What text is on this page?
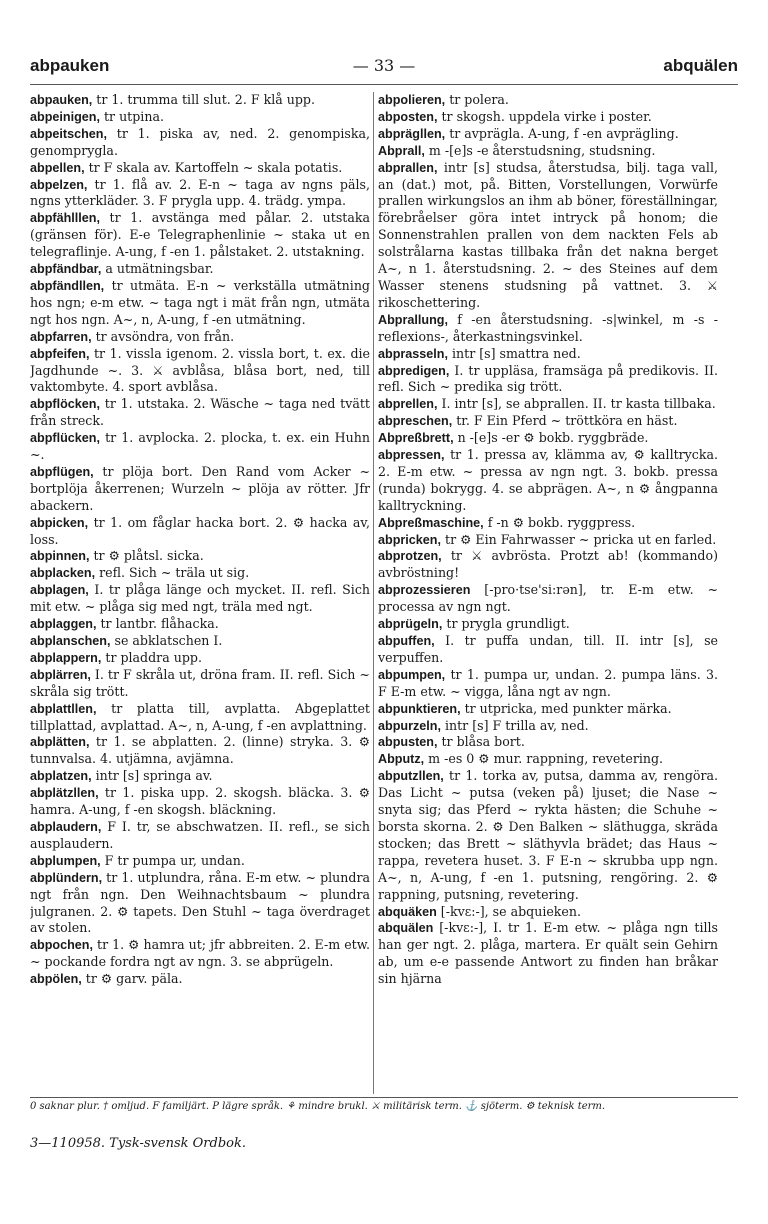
abpauken	— 33 —	abquälen

abpauken, tr 1. trumma till slut. 2. F klå upp.

abpeinigen, tr utpina.

abpeitschen, tr 1. piska av, ned. 2. genompiska, genomprygla.

abpellen, tr F skala av. Kartoffeln ~ skala potatis.

abpelzen, tr 1. flå av. 2. E-n ~ taga av ngns päls, ngns ytterkläder. 3. F prygla upp. 4. trädg. ympa.

abpfählllen, tr 1. avstänga med pålar. 2. utstaka (gränsen för). E-e Telegraphenlinie ~ staka ut en telegraflinje. A-ung, f -en 1. pålstaket. 2. utstakning.

abpfändbar, a utmätningsbar.

abpfändllen, tr utmäta. E-n ~ verkställa utmätning hos ngn; e-m etw. ~ taga ngt i mät från ngn, utmäta ngt hos ngn. A~, n, A-ung, f -en utmätning.

abpfarren, tr avsöndra, von från.

abpfeifen, tr 1. vissla igenom. 2. vissla bort, t. ex. die Jagdhunde ~. 3. ⚔ avblåsa, blåsa bort, ned, till vaktombyte. 4. sport avblåsa.

abpflöcken, tr 1. utstaka. 2. Wäsche ~ taga ned tvätt från streck.

abpflücken, tr 1. avplocka. 2. plocka, t. ex. ein Huhn ~.

abpflügen, tr plöja bort. Den Rand vom Acker ~ bortplöja åkerrenen; Wurzeln ~ plöja av rötter. Jfr abackern.

abpicken, tr 1. om fåglar hacka bort. 2. ⚙ hacka av, loss.

abpinnen, tr ⚙ plåtsl. sicka.

abplacken, refl. Sich ~ träla ut sig.

abplagen, I. tr plåga länge och mycket. II. refl. Sich mit etw. ~ plåga sig med ngt, träla med ngt.

abplaggen, tr lantbr. flåhacka.

abplanschen, se abklatschen I.

abplappern, tr pladdra upp.

abplärren, I. tr F skråla ut, dröna fram. II. refl. Sich ~ skråla sig trött.

abplattllen, tr platta till, avplatta. Abgeplattet tillplattad, avplattad. A~, n, A-ung, f -en avplattning.

abplätten, tr 1. se abplatten. 2. (linne) stryka. 3. ⚙ tunnvalsa. 4. utjämna, avjämna.

abplatzen, intr [s] springa av.

abplätzllen, tr 1. piska upp. 2. skogsh. bläcka. 3. ⚙ hamra. A-ung, f -en skogsh. bläckning.

abplaudern, F I. tr, se abschwatzen. II. refl., se sich ausplaudern.

abplumpen, F tr pumpa ur, undan.

abplündern, tr 1. utplundra, råna. E-m etw. ~ plundra ngt från ngn. Den Weihnachtsbaum ~ plundra julgranen. 2. ⚙ tapets. Den Stuhl ~ taga överdraget av stolen.

abpochen, tr 1. ⚙ hamra ut; jfr abbreiten. 2. E-m etw. ~ pockande fordra ngt av ngn. 3. se abprügeln.

abpölen, tr ⚙ garv. päla.

abpolieren, tr polera.

abposten, tr skogsh. uppdela virke i poster.

abprägllen, tr avprägla. A-ung, f -en avprägling.

Abprall, m -[e]s -e återstudsning, studsning.

abprallen, intr [s] studsa, återstudsa, bilj. taga vall, an (dat.) mot, på. Bitten, Vorstellungen, Vorwürfe prallen wirkungslos an ihm ab böner, föreställningar, förebråelser göra intet intryck på honom; die Sonnenstrahlen prallen von dem nackten Fels ab solstrålarna kastas tillbaka från det nakna berget A~, n 1. återstudsning. 2. ~ des Steines auf dem Wasser stenens studsning på vattnet. 3. ⚔ rikoschettering.

Abprallung, f -en återstudsning. -s|winkel, m -s - reflexions-, återkastningsvinkel.

abprasseln, intr [s] smattra ned.

abpredigen, I. tr uppläsa, framsäga på predikovis. II. refl. Sich ~ predika sig trött.

abprellen, I. intr [s], se abprallen. II. tr kasta tillbaka.

abpreschen, tr. F Ein Pferd ~ tröttköra en häst.

Abpreßbrett, n -[e]s -er ⚙ bokb. ryggbräde.

abpressen, tr 1. pressa av, klämma av, ⚙ kalltrycka. 2. E-m etw. ~ pressa av ngn ngt. 3. bokb. pressa (runda) bokrygg. 4. se abprägen. A~, n ⚙ ångpanna kalltryckning.

Abpreßmaschine, f -n ⚙ bokb. ryggpress.

abpricken, tr ⚙ Ein Fahrwasser ~ pricka ut en farled.

abprotzen, tr ⚔ avbrösta. Protzt ab! (kommando) avbröstning!

abprozessieren [-pro·tse'si:rən], tr. E-m etw. ~ processa av ngn ngt.

abprügeln, tr prygla grundligt.

abpuffen, I. tr puffa undan, till. II. intr [s], se verpuffen.

abpumpen, tr 1. pumpa ur, undan. 2. pumpa läns. 3. F E-m etw. ~ vigga, låna ngt av ngn.

abpunktieren, tr utpricka, med punkter märka.

abpurzeln, intr [s] F trilla av, ned.

abpusten, tr blåsa bort.

Abputz, m -es 0 ⚙ mur. rappning, revetering.

abputzllen, tr 1. torka av, putsa, damma av, rengöra. Das Licht ~ putsa (veken på) ljuset; die Nase ~ snyta sig; das Pferd ~ rykta hästen; die Schuhe ~ borsta skorna. 2. ⚙ Den Balken ~ släthugga, skräda stocken; das Brett ~ släthyvla brädet; das Haus ~ rappa, revetera huset. 3. F E-n ~ skrubba upp ngn. A~, n, A-ung, f -en 1. putsning, rengöring. 2. ⚙ rappning, putsning, revetering.

abquäken [-kvɛ:-], se abquieken.

abquälen [-kvɛ:-], I. tr 1. E-m etw. ~ plåga ngn tills han ger ngt. 2. plåga, martera. Er quält sein Gehirn ab, um e-e passende Antwort zu finden han bråkar sin hjärna

0 saknar plur. † omljud. F familjärt. P lägre språk. ⚘ mindre brukl. ⚔ militärisk term. ⚓ sjöterm. ⚙ teknisk term.
3—110958. Tysk-svensk Ordbok.
